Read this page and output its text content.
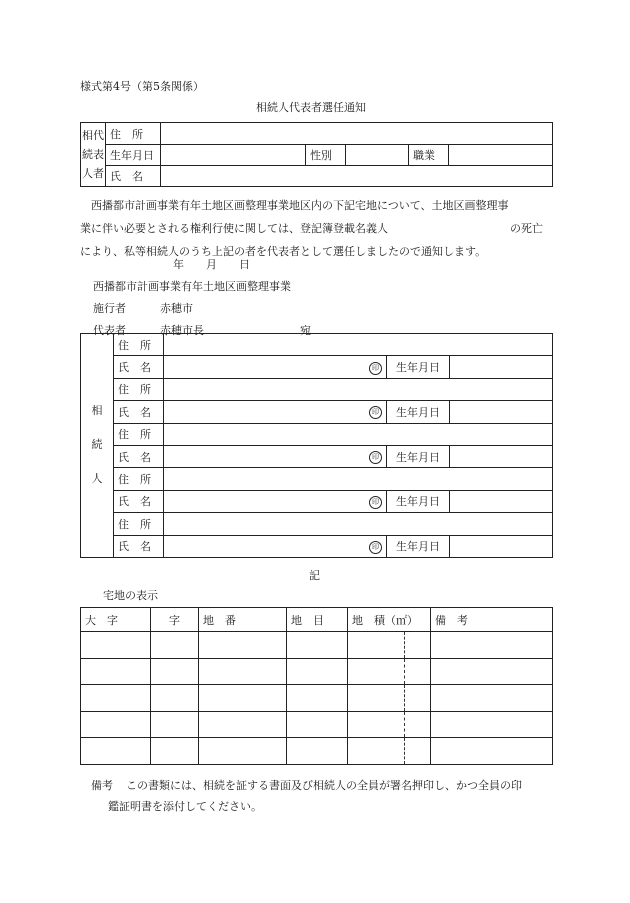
様式第4号（第5条関係）
相続人代表者選任通知
相代
続表
人者	住　所					
	生年月日		性別		職業	
	氏　名					
西播都市計画事業有年土地区画整理事業地区内の下記宅地について、土地区画整理事
業に伴い必要とされる権利行使に関しては、登記簿登載名義人	の死亡
により、私等相続人のうち上記の者を代表者として選任しましたので通知します。
年　　月　　日
西播都市計画事業有年土地区画整理事業
施行者	赤穂市
代表者	赤穂市長	宛
相
続
人	住　所			
	氏　名	印	生年月日	
	住　所			
	氏　名	印	生年月日	
	住　所			
	氏　名	印	生年月日	
	住　所			
	氏　名	印	生年月日	
	住　所			
	氏　名	印	生年月日	
記
宅地の表示
大　字	字	地　番	地　目	地　積（㎡）	備　考

備考 この書類には、相続を証する書面及び相続人の全員が署名押印し、かつ全員の印
鑑証明書を添付してください。
